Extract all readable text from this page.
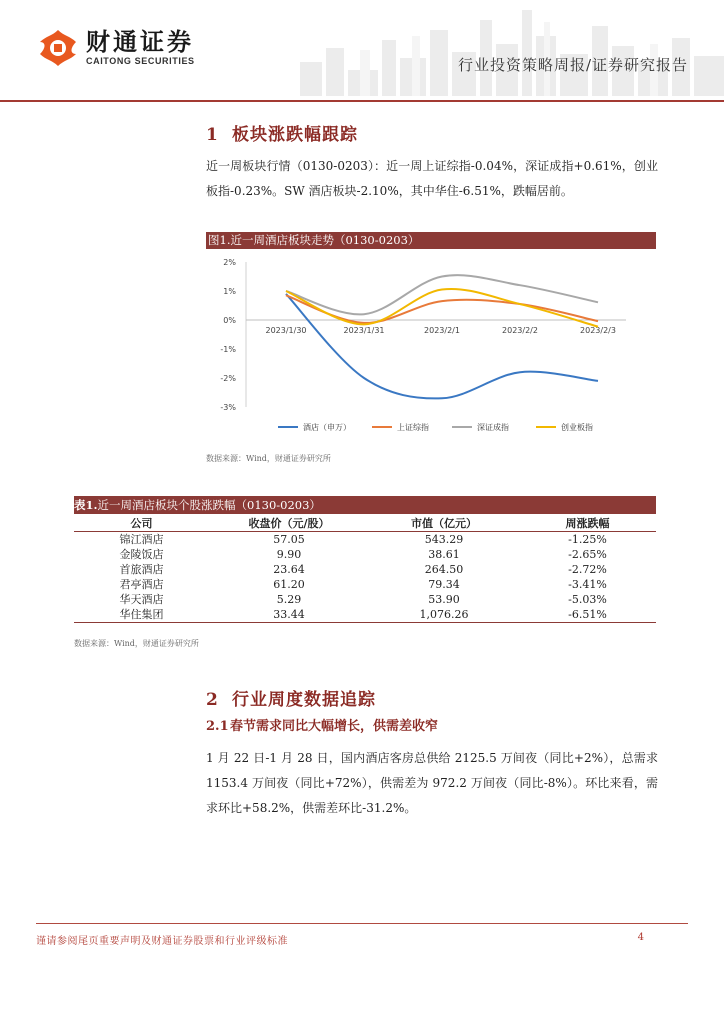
财通证券
CAITONG SECURITIES	行业投资策略周报/证券研究报告
1 板块涨跌幅跟踪
近一周板块行情（0130-0203）：近一周上证综指-0.04%，深证成指+0.61%，创业板指-0.23%。SW 酒店板块-2.10%，其中华住-6.51%，跌幅居前。
图1.近一周酒店板块走势（0130-0203）
2%
1%
0%
-1%
-2%
-3%
2023/1/30	2023/1/31	2023/2/1	2023/2/2	2023/2/3
酒店（申万）	上证综指	深证成指	创业板指
数据来源：Wind，财通证券研究所
表1.近一周酒店板块个股涨跌幅（0130-0203）
公司	收盘价（元/股）	市值（亿元）	周涨跌幅
锦江酒店	57.05	543.29	-1.25%
金陵饭店	9.90	38.61	-2.65%
首旅酒店	23.64	264.50	-2.72%
君亭酒店	61.20	79.34	-3.41%
华天酒店	5.29	53.90	-5.03%
华住集团	33.44	1,076.26	-6.51%
数据来源：Wind，财通证券研究所
2 行业周度数据追踪
2.1春节需求同比大幅增长，供需差收窄
1 月 22 日-1 月 28 日，国内酒店客房总供给 2125.5 万间夜（同比+2%），总需求 1153.4 万间夜（同比+72%），供需差为 972.2 万间夜（同比-8%）。环比来看，需求环比+58.2%，供需差环比-31.2%。
谨请参阅尾页重要声明及财通证券股票和行业评级标准	4
